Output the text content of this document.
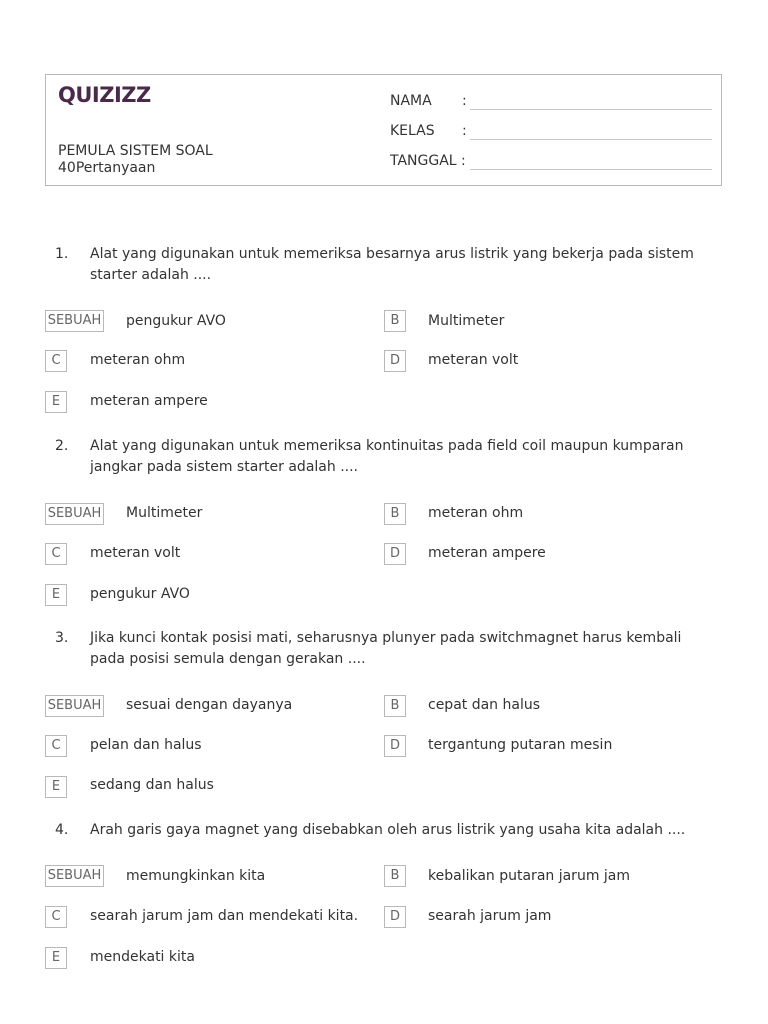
QUIZIZZ
PEMULA SISTEM SOAL
40Pertanyaan
NAMA :
KELAS :
TANGGAL :
1. Alat yang digunakan untuk memeriksa besarnya arus listrik yang bekerja pada sistem starter adalah ....
SEBUAH pengukur AVO	B	Multimeter
C	meteran ohm	D	meteran volt
E	meteran ampere
2. Alat yang digunakan untuk memeriksa kontinuitas pada field coil maupun kumparan jangkar pada sistem starter adalah ....
SEBUAH Multimeter	B	meteran ohm
C	meteran volt	D	meteran ampere
E	pengukur AVO
3. Jika kunci kontak posisi mati, seharusnya plunyer pada switchmagnet harus kembali pada posisi semula dengan gerakan ....
SEBUAH sesuai dengan dayanya	B	cepat dan halus
C	pelan dan halus	D	tergantung putaran mesin
E	sedang dan halus
4. Arah garis gaya magnet yang disebabkan oleh arus listrik yang usaha kita adalah ....
SEBUAH memungkinkan kita	B	kebalikan putaran jarum jam
C	searah jarum jam dan mendekati kita.	D	searah jarum jam
E	mendekati kita
